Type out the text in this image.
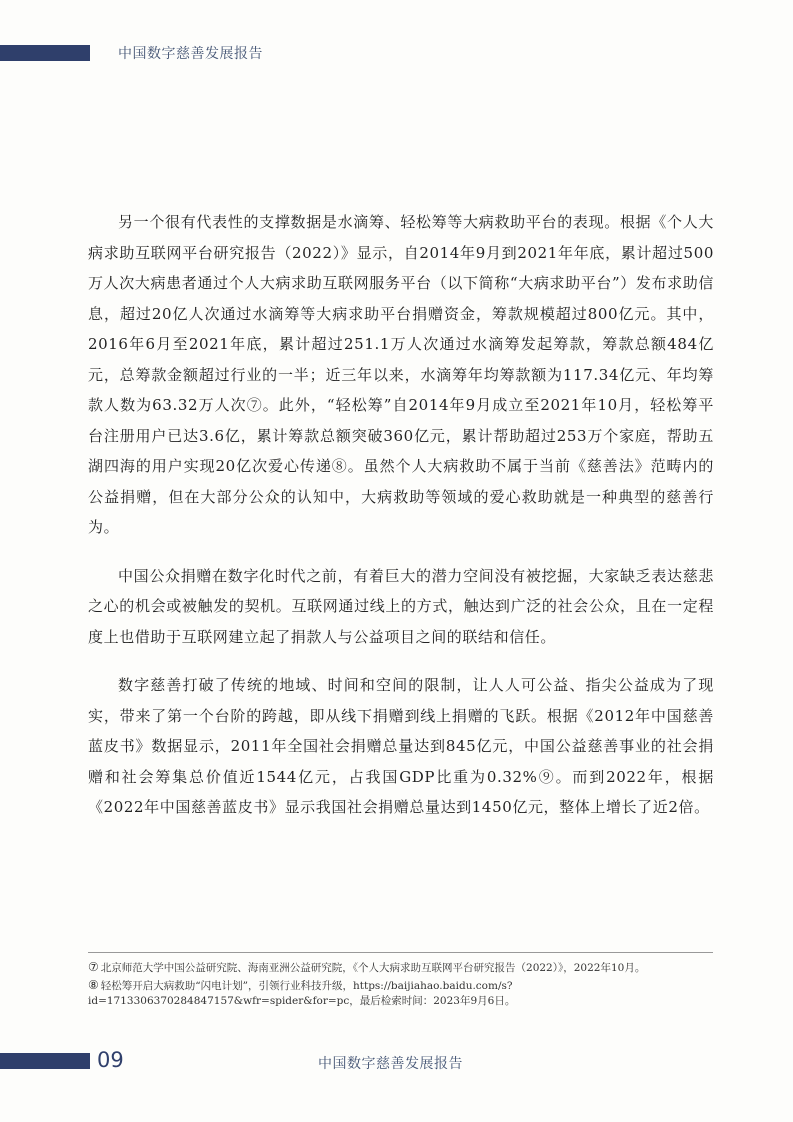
中国数字慈善发展报告

另一个很有代表性的支撑数据是水滴筹、轻松筹等大病救助平台的表现。根据《个人大病求助互联网平台研究报告（2022）》显示，自2014年9月到2021年年底，累计超过500万人次大病患者通过个人大病求助互联网服务平台（以下简称“大病求助平台”）发布求助信息，超过20亿人次通过水滴筹等大病求助平台捐赠资金，筹款规模超过800亿元。其中，2016年6月至2021年底，累计超过251.1万人次通过水滴筹发起筹款，筹款总额484亿元，总筹款金额超过行业的一半；近三年以来，水滴筹年均筹款额为117.34亿元、年均筹款人数为63.32万人次⑦。此外，“轻松筹”自2014年9月成立至2021年10月，轻松筹平台注册用户已达3.6亿，累计筹款总额突破360亿元，累计帮助超过253万个家庭，帮助五湖四海的用户实现20亿次爱心传递⑧。虽然个人大病救助不属于当前《慈善法》范畴内的公益捐赠，但在大部分公众的认知中，大病救助等领域的爱心救助就是一种典型的慈善行为。

中国公众捐赠在数字化时代之前，有着巨大的潜力空间没有被挖掘，大家缺乏表达慈悲之心的机会或被触发的契机。互联网通过线上的方式，触达到广泛的社会公众，且在一定程度上也借助于互联网建立起了捐款人与公益项目之间的联结和信任。

数字慈善打破了传统的地域、时间和空间的限制，让人人可公益、指尖公益成为了现实，带来了第一个台阶的跨越，即从线下捐赠到线上捐赠的飞跃。根据《2012年中国慈善蓝皮书》数据显示，2011年全国社会捐赠总量达到845亿元，中国公益慈善事业的社会捐赠和社会筹集总价值近1544亿元，占我国GDP比重为0.32%⑨。而到2022年，根据《2022年中国慈善蓝皮书》显示我国社会捐赠总量达到1450亿元，整体上增长了近2倍。

⑦ 北京师范大学中国公益研究院、海南亚洲公益研究院，《个人大病求助互联网平台研究报告（2022）》，2022年10月。
⑧ 轻松筹开启大病救助“闪电计划”，引领行业科技升级，https://baijiahao.baidu.com/s?id=1713306370284847157&wfr=spider&for=pc，最后检索时间：2023年9月6日。
09	中国数字慈善发展报告
